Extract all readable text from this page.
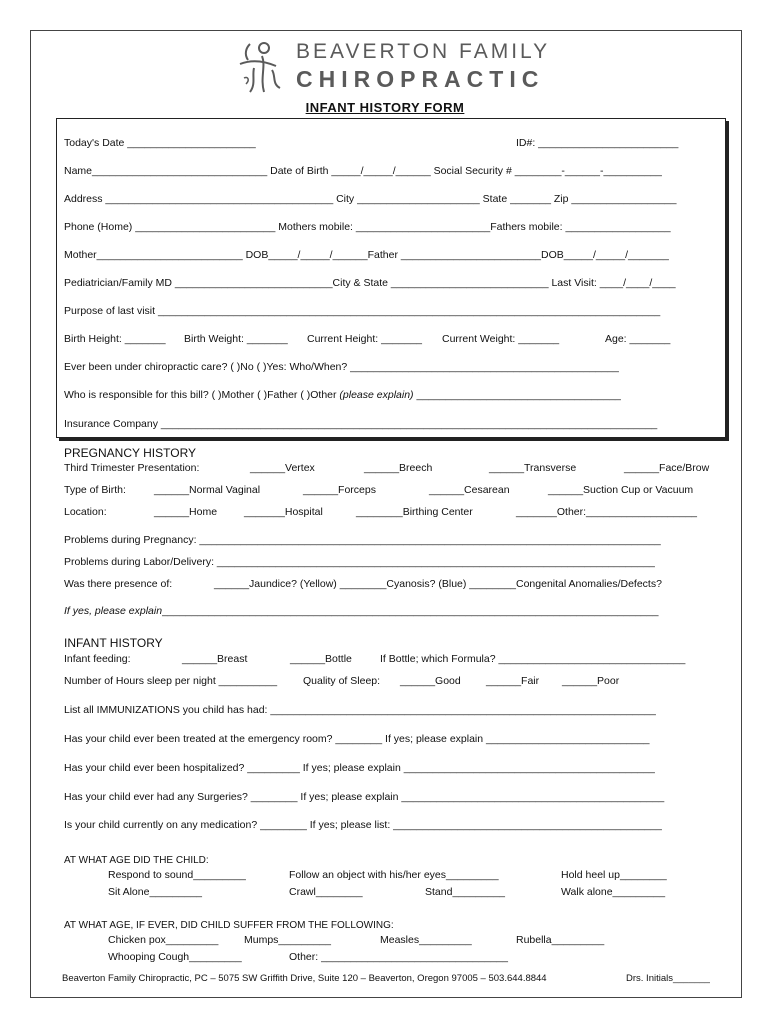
BEAVERTON FAMILY
CHIROPRACTIC
INFANT HISTORY FORM
Today's Date ______________________	ID#: ________________________
Name______________________________ Date of Birth _____/_____/______ Social Security # ________-______-__________
Address _______________________________________ City _____________________ State _______ Zip __________________
Phone (Home) ________________________ Mothers mobile: _______________________Fathers mobile: __________________
Mother_________________________ DOB_____/_____/______Father ________________________DOB_____/_____/_______
Pediatrician/Family MD ___________________________City & State ___________________________ Last Visit: ____/____/____
Purpose of last visit ______________________________________________________________________________________
Birth Height: _______ Birth Weight: _______ Current Height: _______ Current Weight: _______	Age: _______
Ever been under chiropractic care? ( )No ( )Yes: Who/When? ______________________________________________
Who is responsible for this bill? ( )Mother ( )Father ( )Other (please explain) ___________________________________
Insurance Company _____________________________________________________________________________________
PREGNANCY HISTORY
Third Trimester Presentation:	______Vertex	______Breech	______Transverse	______Face/Brow
Type of Birth:	______Normal Vaginal	______Forceps	______Cesarean	______Suction Cup or Vacuum
Location:	______Home	_______Hospital	________Birthing Center	_______Other:___________________
Problems during Pregnancy: _______________________________________________________________________________
Problems during Labor/Delivery: ___________________________________________________________________________
Was there presence of:	______Jaundice? (Yellow) ________Cyanosis? (Blue) ________Congenital Anomalies/Defects?
If yes, please explain_____________________________________________________________________________________
INFANT HISTORY
Infant feeding:	______Breast	______Bottle	If Bottle; which Formula? ________________________________
Number of Hours sleep per night __________ Quality of Sleep: ______Good ______Fair ______Poor
List all IMMUNIZATIONS you child has had: __________________________________________________________________
Has your child ever been treated at the emergency room? ________ If yes; please explain ____________________________
Has your child ever been hospitalized? _________ If yes; please explain ___________________________________________
Has your child ever had any Surgeries? ________ If yes; please explain _____________________________________________
Is your child currently on any medication? ________ If yes; please list: ______________________________________________
AT WHAT AGE DID THE CHILD:
Respond to sound_________	Follow an object with his/her eyes_________	Hold heel up________
Sit Alone_________	Crawl________	Stand_________	Walk alone_________
AT WHAT AGE, IF EVER, DID CHILD SUFFER FROM THE FOLLOWING:
Chicken pox_________ Mumps_________	Measles_________	Rubella_________
Whooping Cough_________	Other: ________________________________
Beaverton Family Chiropractic, PC – 5075 SW Griffith Drive, Suite 120 – Beaverton, Oregon 97005 – 503.644.8844	Drs. Initials_______
